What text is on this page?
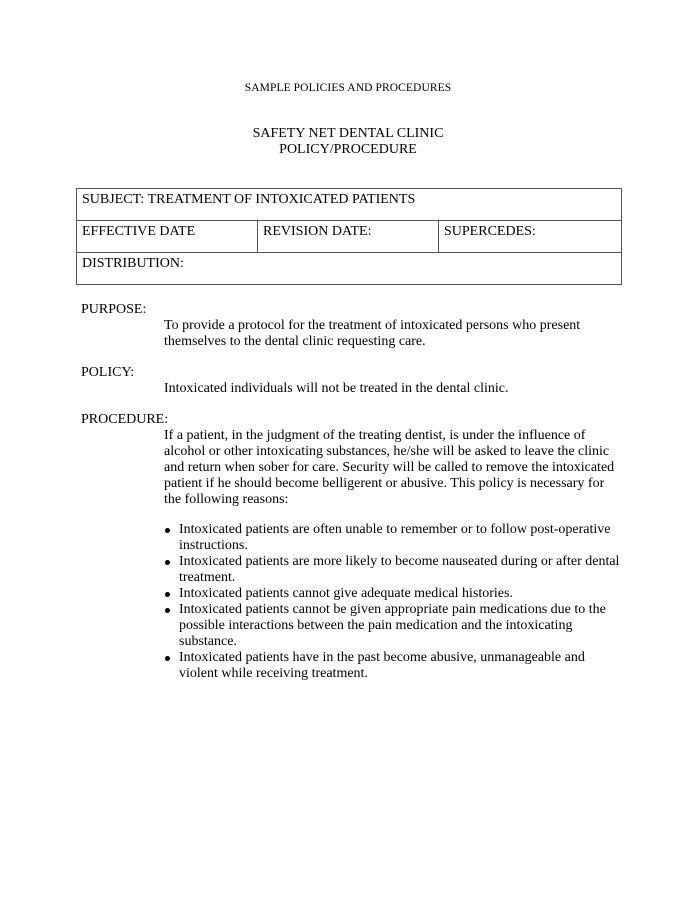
SAMPLE POLICIES AND PROCEDURES
SAFETY NET DENTAL CLINIC
POLICY/PROCEDURE
SUBJECT: TREATMENT OF INTOXICATED PATIENTS
EFFECTIVE DATE	REVISION DATE:	SUPERCEDES:
DISTRIBUTION:
PURPOSE:
To provide a protocol for the treatment of intoxicated persons who present themselves to the dental clinic requesting care.
POLICY:
Intoxicated individuals will not be treated in the dental clinic.
PROCEDURE:
If a patient, in the judgment of the treating dentist, is under the influence of alcohol or other intoxicating substances, he/she will be asked to leave the clinic and return when sober for care. Security will be called to remove the intoxicated patient if he should become belligerent or abusive. This policy is necessary for the following reasons:
Intoxicated patients are often unable to remember or to follow post-operative instructions.
Intoxicated patients are more likely to become nauseated during or after dental treatment.
Intoxicated patients cannot give adequate medical histories.
Intoxicated patients cannot be given appropriate pain medications due to the possible interactions between the pain medication and the intoxicating substance.
Intoxicated patients have in the past become abusive, unmanageable and violent while receiving treatment.
